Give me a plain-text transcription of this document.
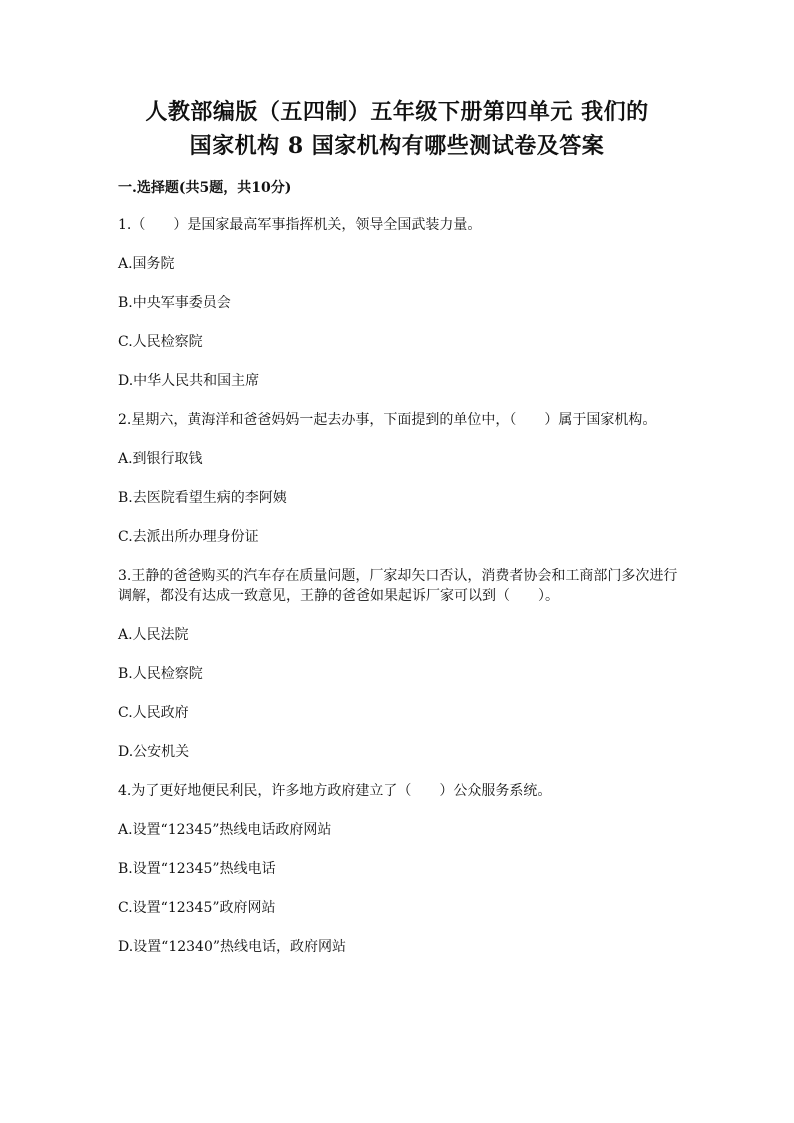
人教部编版（五四制）五年级下册第四单元 我们的
国家机构 8 国家机构有哪些测试卷及答案
一.选择题(共5题，共10分)

1.（　　）是国家最高军事指挥机关，领导全国武装力量。

A.国务院

B.中央军事委员会

C.人民检察院

D.中华人民共和国主席

2.星期六，黄海洋和爸爸妈妈一起去办事，下面提到的单位中，（　　）属于国家机构。

A.到银行取钱

B.去医院看望生病的李阿姨

C.去派出所办理身份证

3.王静的爸爸购买的汽车存在质量问题，厂家却矢口否认，消费者协会和工商部门多次进行调解，都没有达成一致意见，王静的爸爸如果起诉厂家可以到（　　）。

A.人民法院

B.人民检察院

C.人民政府

D.公安机关

4.为了更好地便民利民，许多地方政府建立了（　　）公众服务系统。

A.设置“12345”热线电话政府网站

B.设置“12345”热线电话

C.设置“12345”政府网站

D.设置“12340”热线电话，政府网站
